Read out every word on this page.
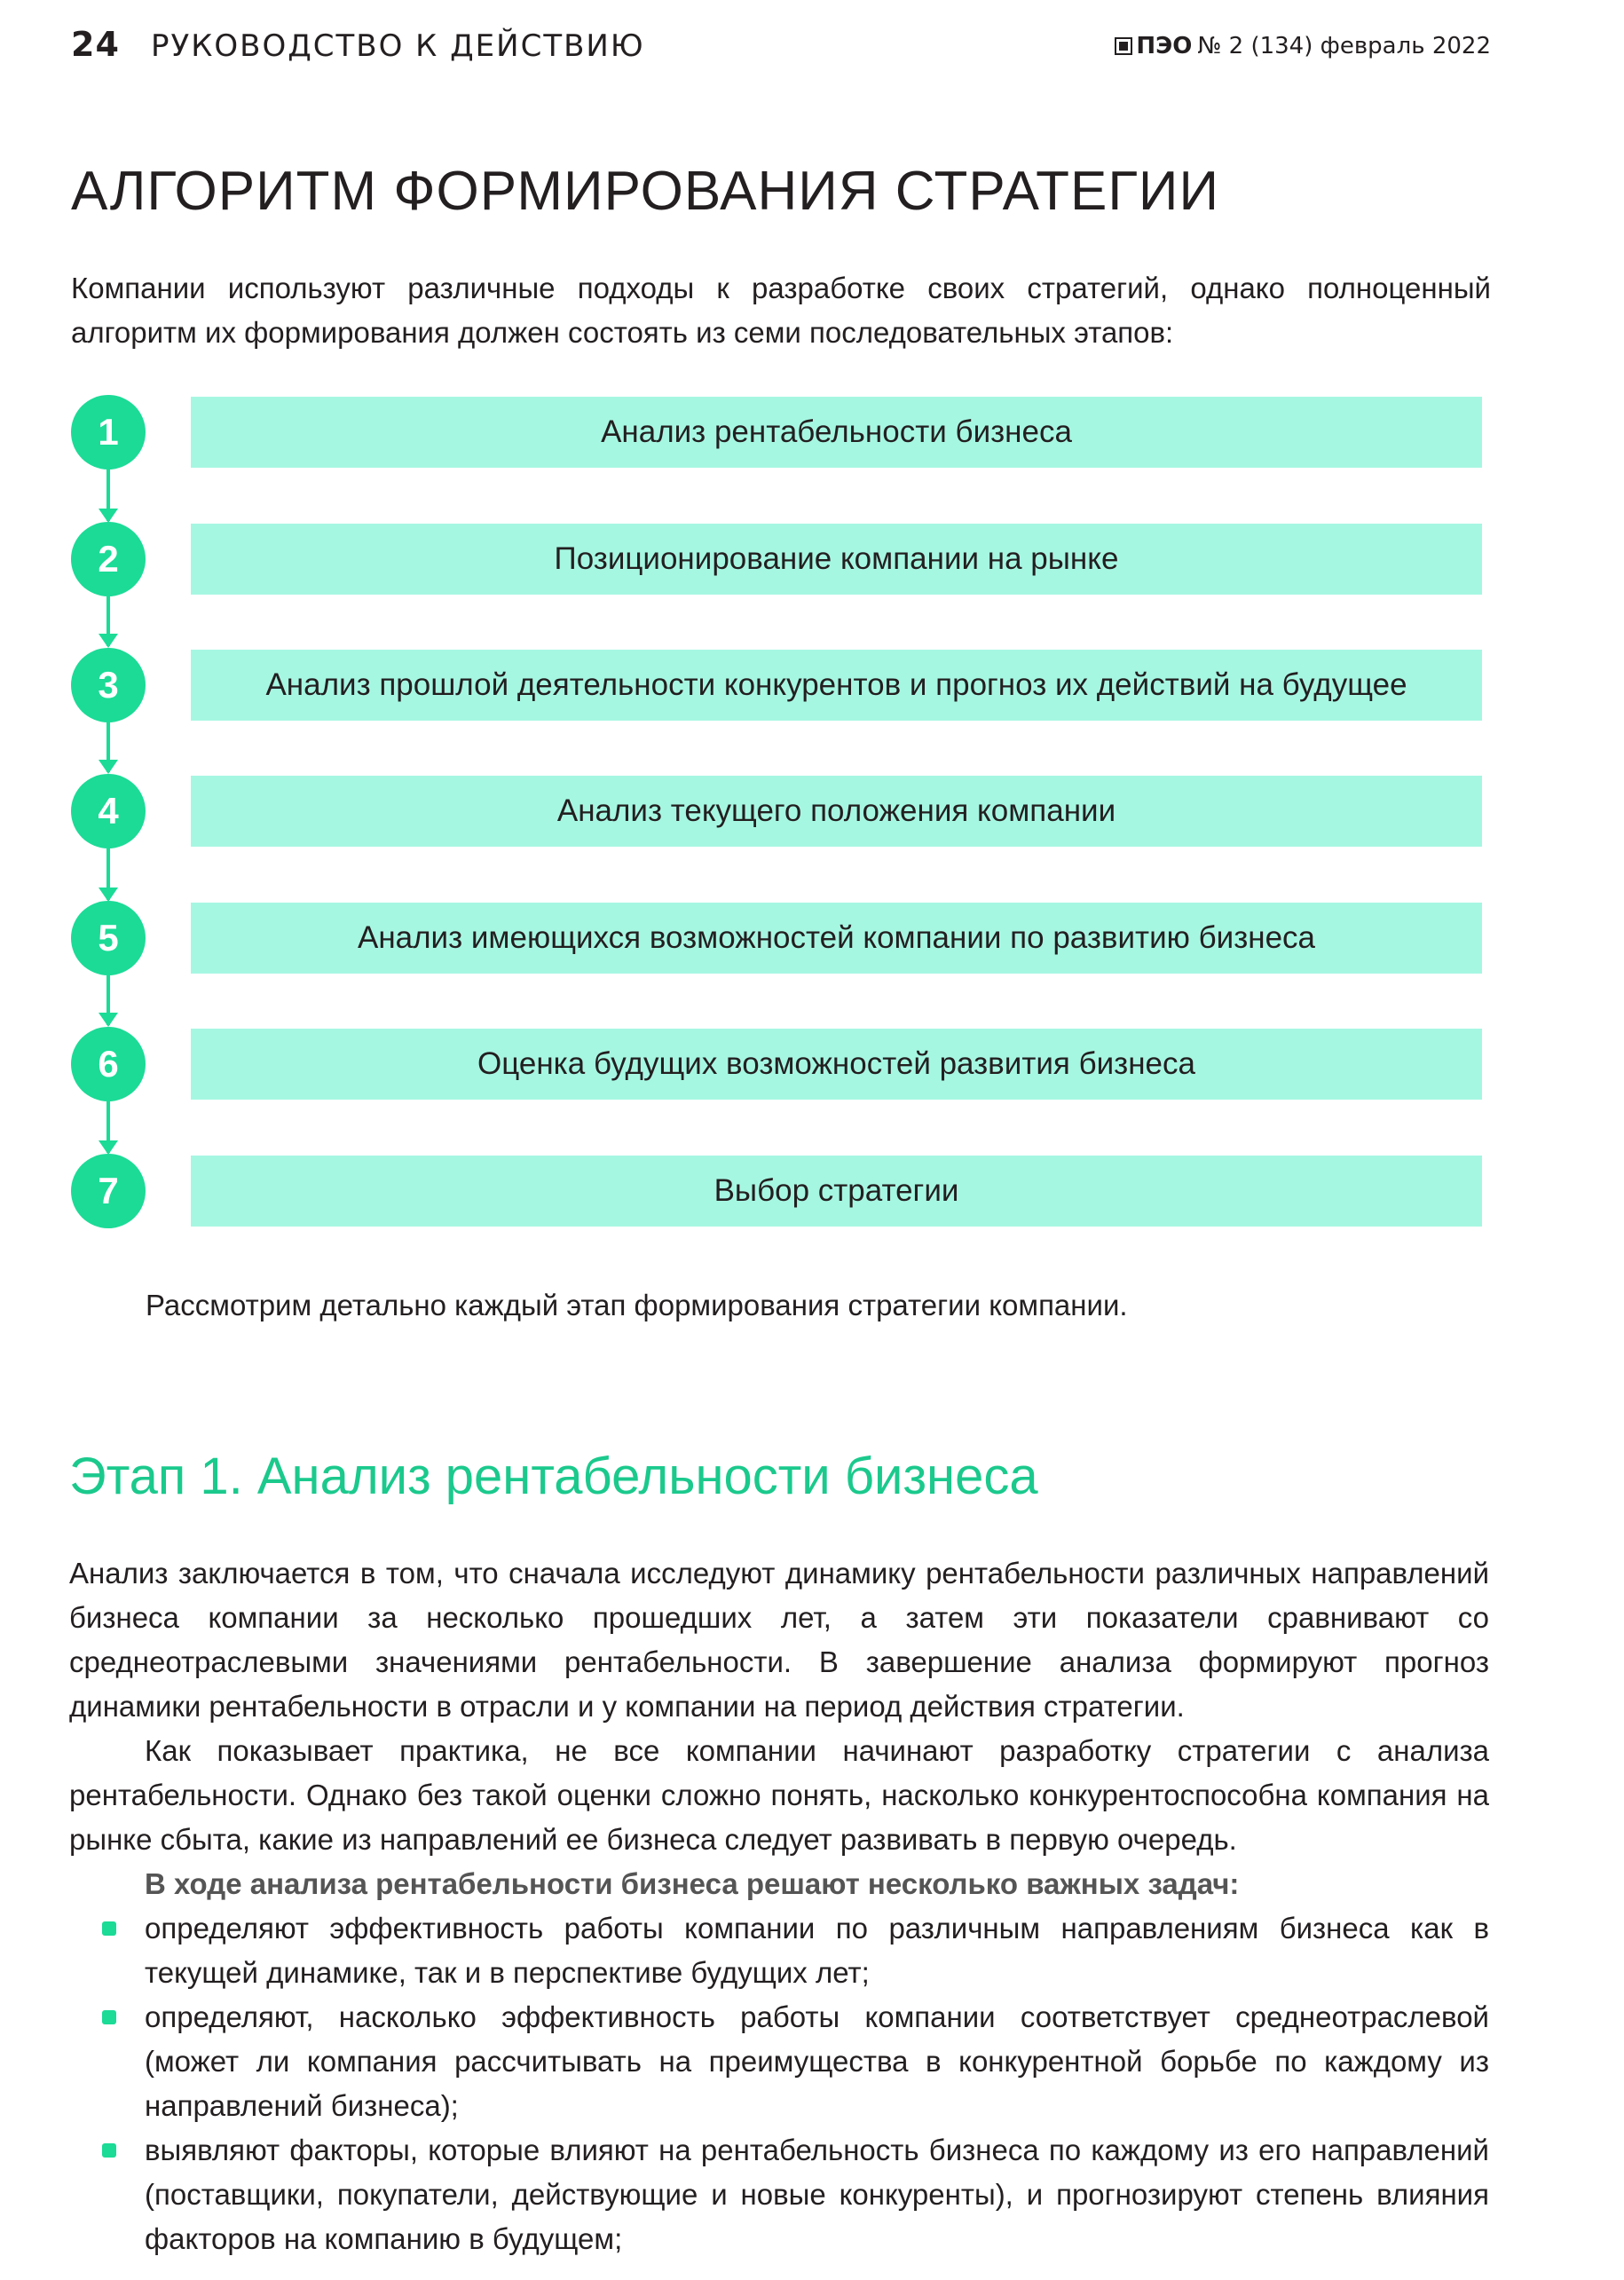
24 РУКОВОДСТВО К ДЕЙСТВИЮ	ПЭО № 2 (134) февраль 2022
АЛГОРИТМ ФОРМИРОВАНИЯ СТРАТЕГИИ
Компании используют различные подходы к разработке своих стратегий, однако полноценный алгоритм их формирования должен состоять из семи последовательных этапов:
1	Анализ рентабельности бизнеса
2	Позиционирование компании на рынке
3	Анализ прошлой деятельности конкурентов и прогноз их действий на будущее
4	Анализ текущего положения компании
5	Анализ имеющихся возможностей компании по развитию бизнеса
6	Оценка будущих возможностей развития бизнеса
7	Выбор стратегии
Рассмотрим детально каждый этап формирования стратегии компании.
Этап 1. Анализ рентабельности бизнеса

Анализ заключается в том, что сначала исследуют динамику рентабельности различных направлений бизнеса компании за несколько прошедших лет, а затем эти показатели сравнивают со среднеотраслевыми значениями рентабельности. В завершение анализа формируют прогноз динамики рентабельности в отрасли и у компании на период действия стратегии.

Как показывает практика, не все компании начинают разработку стратегии с анализа рентабельности. Однако без такой оценки сложно понять, насколько конкурентоспособна компания на рынке сбыта, какие из направлений ее бизнеса следует развивать в первую очередь.

В ходе анализа рентабельности бизнеса решают несколько важных задач:

определяют эффективность работы компании по различным направлениям бизнеса как в текущей динамике, так и в перспективе будущих лет;
определяют, насколько эффективность работы компании соответствует среднеотраслевой (может ли компания рассчитывать на преимущества в конкурентной борьбе по каждому из направлений бизнеса);
выявляют факторы, которые влияют на рентабельность бизнеса по каждому из его направлений (поставщики, покупатели, действующие и новые конкуренты), и прогнозируют степень влияния факторов на компанию в будущем;
